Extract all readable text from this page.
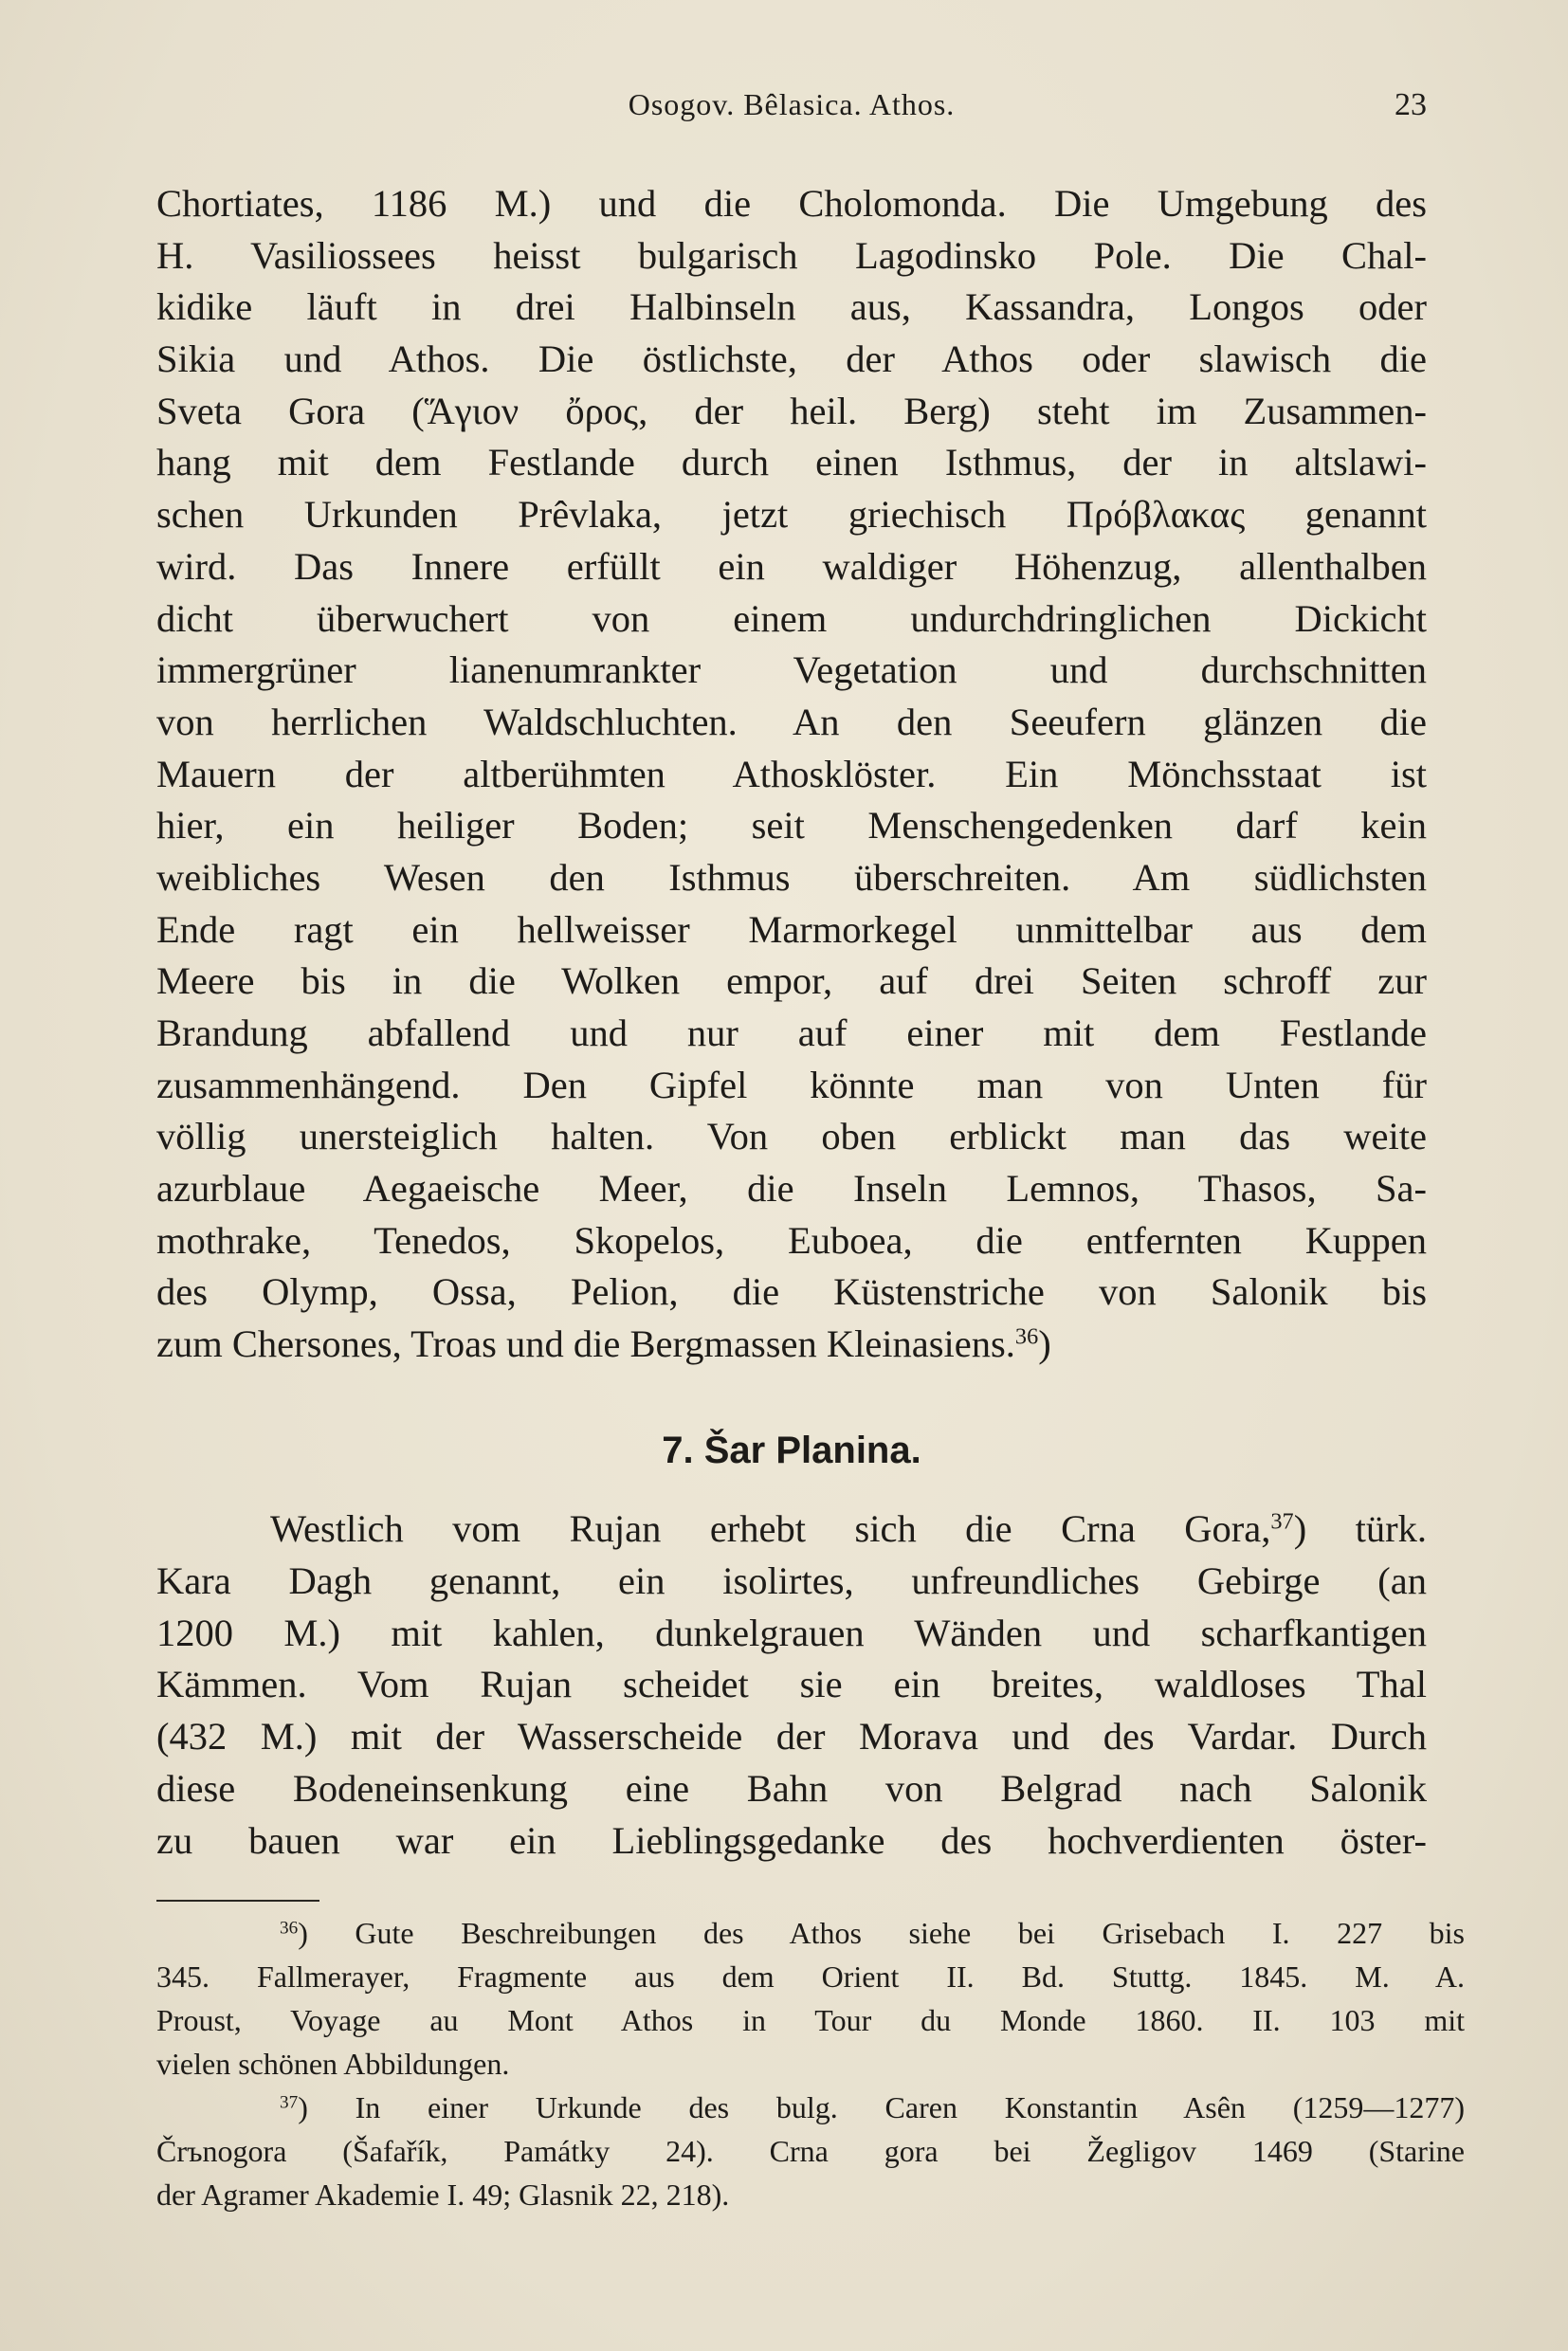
Osogov. Bêlasica. Athos.	23
Chortiates, 1186 M.) und die Cholomonda. Die Umgebung des
H. Vasiliossees heisst bulgarisch Lagodinsko Pole. Die Chal-
kidike läuft in drei Halbinseln aus, Kassandra, Longos oder
Sikia und Athos. Die östlichste, der Athos oder slawisch die
Sveta Gora (Ἅγιον ὄρος, der heil. Berg) steht im Zusammen-
hang mit dem Festlande durch einen Isthmus, der in altslawi-
schen Urkunden Prêvlaka, jetzt griechisch Πρόβλακας genannt
wird. Das Innere erfüllt ein waldiger Höhenzug, allenthalben
dicht überwuchert von einem undurchdringlichen Dickicht
immergrüner lianenumrankter Vegetation und durchschnitten
von herrlichen Waldschluchten. An den Seeufern glänzen die
Mauern der altberühmten Athosklöster. Ein Mönchsstaat ist
hier, ein heiliger Boden; seit Menschengedenken darf kein
weibliches Wesen den Isthmus überschreiten. Am südlichsten
Ende ragt ein hellweisser Marmorkegel unmittelbar aus dem
Meere bis in die Wolken empor, auf drei Seiten schroff zur
Brandung abfallend und nur auf einer mit dem Festlande
zusammenhängend. Den Gipfel könnte man von Unten für
völlig unersteiglich halten. Von oben erblickt man das weite
azurblaue Aegaeische Meer, die Inseln Lemnos, Thasos, Sa-
mothrake, Tenedos, Skopelos, Euboea, die entfernten Kuppen
des Olymp, Ossa, Pelion, die Küstenstriche von Salonik bis
zum Chersones, Troas und die Bergmassen Kleinasiens.$^{36}$)
7. Šar Planina.
Westlich vom Rujan erhebt sich die Crna Gora,$^{37}$) türk.
Kara Dagh genannt, ein isolirtes, unfreundliches Gebirge (an
1200 M.) mit kahlen, dunkelgrauen Wänden und scharfkantigen
Kämmen. Vom Rujan scheidet sie ein breites, waldloses Thal
(432 M.) mit der Wasserscheide der Morava und des Vardar. Durch
diese Bodeneinsenkung eine Bahn von Belgrad nach Salonik
zu bauen war ein Lieblingsgedanke des hochverdienten öster-
$^{36}$) Gute Beschreibungen des Athos siehe bei Grisebach I. 227 bis
345. Fallmerayer, Fragmente aus dem Orient II. Bd. Stuttg. 1845. M. A.
Proust, Voyage au Mont Athos in Tour du Monde 1860. II. 103 mit
vielen schönen Abbildungen.
$^{37}$) In einer Urkunde des bulg. Caren Konstantin Asên (1259—1277)
Črъnogora (Šafařík, Památky 24). Crna gora bei Žegligov 1469 (Starine
der Agramer Akademie I. 49; Glasnik 22, 218).
